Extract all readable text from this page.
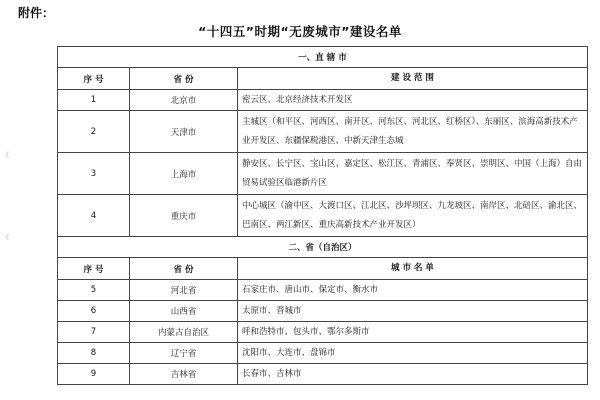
附件：
“十四五”时期“无废城市”建设名单
《
《
一、直 辖 市		
序 号	省 份	建 设 范 围
1	北京市	密云区、北京经济技术开发区
2	天津市	主城区（和平区、河西区、南开区、河东区、河北区、红桥区）、东丽区、滨海高新技术产业开发区、东疆保税港区、中新天津生态城
3	上海市	静安区、长宁区、宝山区、嘉定区、松江区、青浦区、奉贤区、崇明区、中国（上海）自由贸易试验区临港新片区
4	重庆市	中心城区（渝中区、大渡口区、江北区、沙坪坝区、九龙坡区、南岸区、北碚区、渝北区、巴南区、两江新区、重庆高新技术产业开发区）
二、省（自治区）		
序 号	省 份	城 市 名 单
5	河北省	石家庄市、唐山市、保定市、衡水市
6	山西省	太原市、晋城市
7	内蒙古自治区	呼和浩特市、包头市、鄂尔多斯市
8	辽宁省	沈阳市、大连市、盘锦市
9	吉林省	长春市、吉林市
